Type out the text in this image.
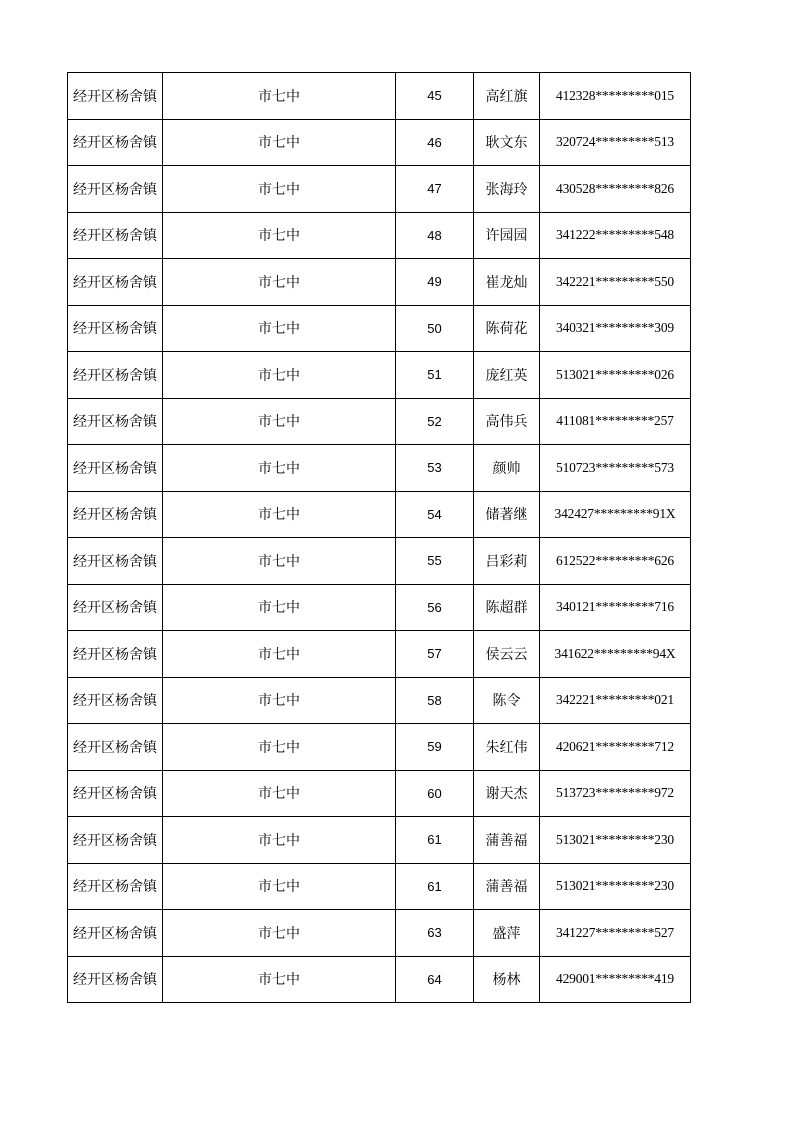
经开区杨舍镇	市七中	45	高红旗	412328*********015
经开区杨舍镇	市七中	46	耿文东	320724*********513
经开区杨舍镇	市七中	47	张海玲	430528*********826
经开区杨舍镇	市七中	48	许园园	341222*********548
经开区杨舍镇	市七中	49	崔龙灿	342221*********550
经开区杨舍镇	市七中	50	陈荷花	340321*********309
经开区杨舍镇	市七中	51	庞红英	513021*********026
经开区杨舍镇	市七中	52	高伟兵	411081*********257
经开区杨舍镇	市七中	53	颜帅	510723*********573
经开区杨舍镇	市七中	54	储著继	342427*********91X
经开区杨舍镇	市七中	55	吕彩莉	612522*********626
经开区杨舍镇	市七中	56	陈超群	340121*********716
经开区杨舍镇	市七中	57	侯云云	341622*********94X
经开区杨舍镇	市七中	58	陈令	342221*********021
经开区杨舍镇	市七中	59	朱红伟	420621*********712
经开区杨舍镇	市七中	60	谢天杰	513723*********972
经开区杨舍镇	市七中	61	蒲善福	513021*********230
经开区杨舍镇	市七中	61	蒲善福	513021*********230
经开区杨舍镇	市七中	63	盛萍	341227*********527
经开区杨舍镇	市七中	64	杨林	429001*********419
